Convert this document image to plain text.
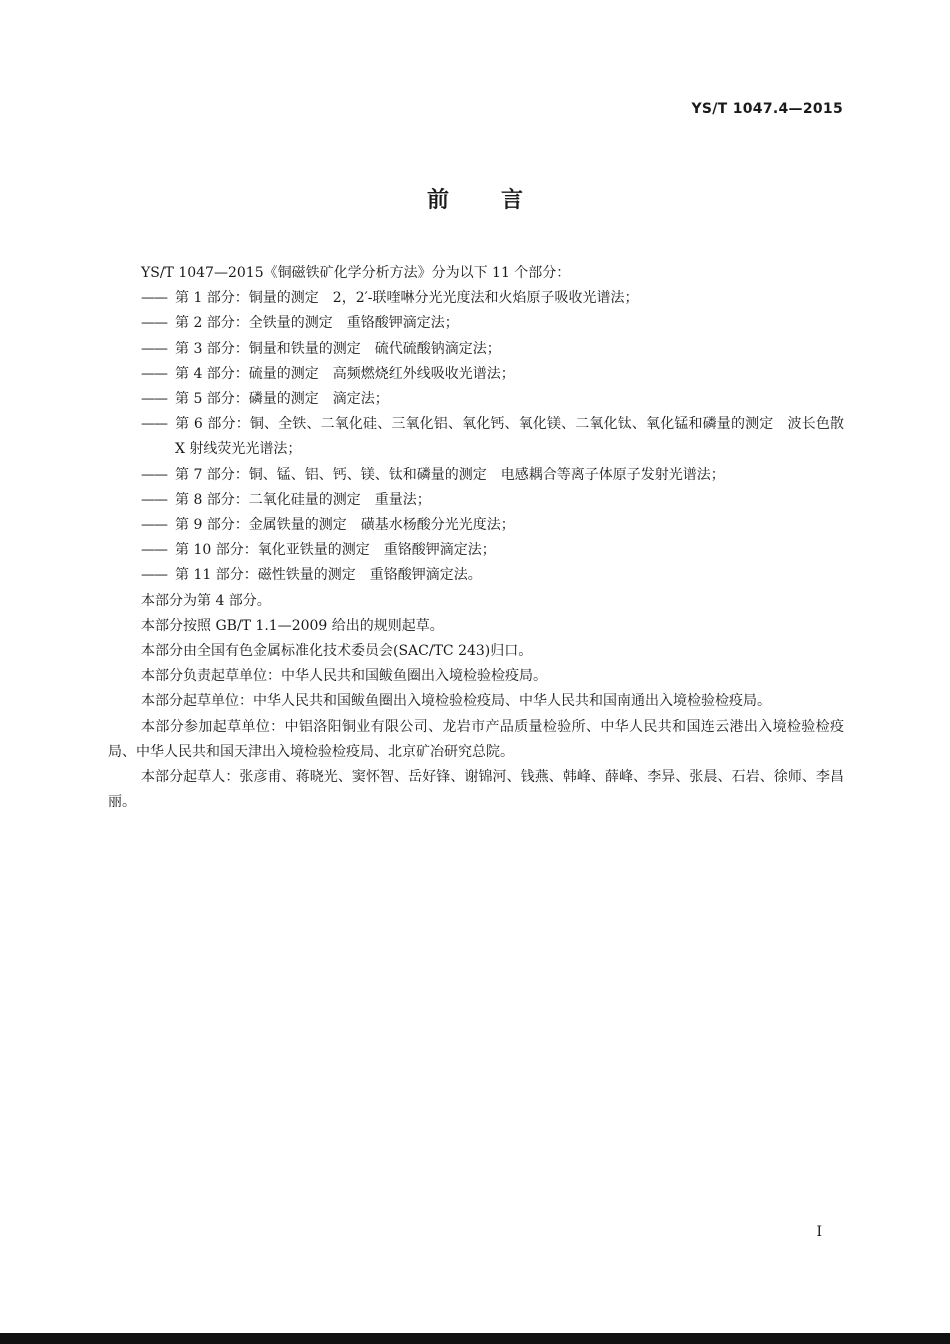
YS/T 1047.4—2015
前言

YS/T 1047—2015《铜磁铁矿化学分析方法》分为以下 11 个部分：

—— 第 1 部分：铜量的测定　2，2′-联喹啉分光光度法和火焰原子吸收光谱法；

—— 第 2 部分：全铁量的测定　重铬酸钾滴定法；

—— 第 3 部分：铜量和铁量的测定　硫代硫酸钠滴定法；

—— 第 4 部分：硫量的测定　高频燃烧红外线吸收光谱法；

—— 第 5 部分：磷量的测定　滴定法；

—— 第 6 部分：铜、全铁、二氧化硅、三氧化铝、氧化钙、氧化镁、二氧化钛、氧化锰和磷量的测定　波长色散 X 射线荧光光谱法；

—— 第 7 部分：铜、锰、铝、钙、镁、钛和磷量的测定　电感耦合等离子体原子发射光谱法；

—— 第 8 部分：二氧化硅量的测定　重量法；

—— 第 9 部分：金属铁量的测定　磺基水杨酸分光光度法；

—— 第 10 部分：氧化亚铁量的测定　重铬酸钾滴定法；

—— 第 11 部分：磁性铁量的测定　重铬酸钾滴定法。

本部分为第 4 部分。

本部分按照 GB/T 1.1—2009 给出的规则起草。

本部分由全国有色金属标准化技术委员会(SAC/TC 243)归口。

本部分负责起草单位：中华人民共和国鲅鱼圈出入境检验检疫局。

本部分起草单位：中华人民共和国鲅鱼圈出入境检验检疫局、中华人民共和国南通出入境检验检疫局。

本部分参加起草单位：中铝洛阳铜业有限公司、龙岩市产品质量检验所、中华人民共和国连云港出入境检验检疫局、中华人民共和国天津出入境检验检疫局、北京矿冶研究总院。

本部分起草人：张彦甫、蒋晓光、窦怀智、岳好锋、谢锦河、钱燕、韩峰、薛峰、李异、张晨、石岩、徐师、李昌丽。

I
